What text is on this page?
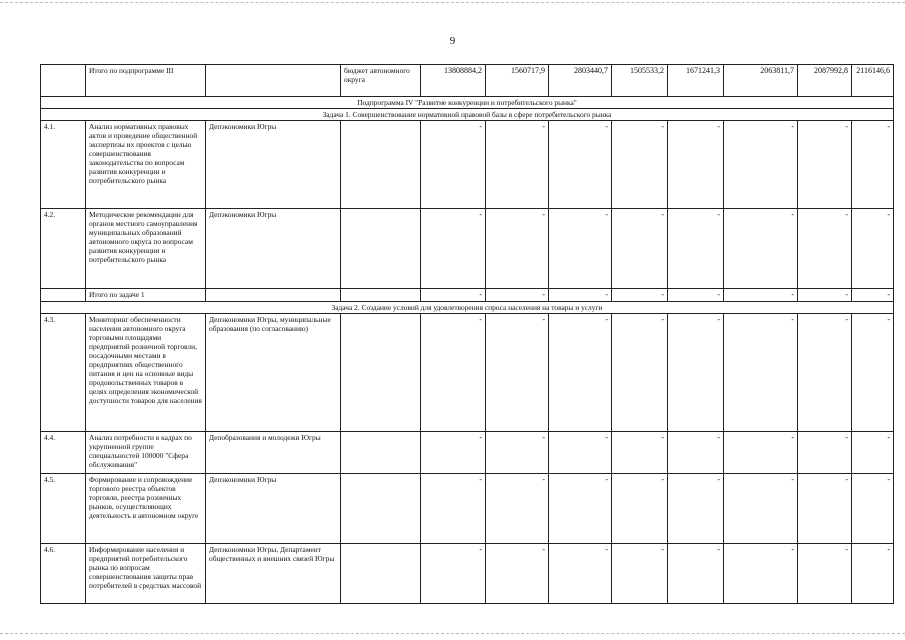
9
	Итого по подпрограмме III		бюджет автономного округа	13808884,2	1560717,9	2803440,7	1505533,2	1671241,3	2063811,7	2087992,8	2116146,6
Подпрограмма IV "Развитие конкуренции и потребительского рынка"											
Задача 1. Совершенствование нормативной правовой базы в сфере потребительского рынка											
4.1.	Анализ нормативных правовых актов и проведение общественной экспертизы их проектов с целью совершенствования законодательства по вопросам развития конкуренции и потребительского рынка	Депэкономики Югры		-	-	-	-	-	-	-	-
4.2.	Методические рекомендации для органов местного самоуправления муниципальных образований автономного округа по вопросам развития конкуренции и потребительского рынка	Депэкономики Югры		-	-	-	-	-	-	-	-
	Итого по задаче 1			-	-	-	-	-	-	-	-
Задача 2. Создание условий для удовлетворения спроса населения на товары и услуги											
4.3.	Мониторинг обеспеченности населения автономного округа торговыми площадями предприятий розничной торговли, посадочными местами в предприятиях общественного питания и цен на основные виды продовольственных товаров в целях определения экономической доступности товаров для населения	Депэкономики Югры, муниципальные образования (по согласованию)		-	-	-	-	-	-	-	-
4.4.	Анализ потребности в кадрах по укрупненной группе специальностей 100000 "Сфера обслуживания"	Депобразования и молодежи Югры		-	-	-	-	-	-	-	-
4.5.	Формирование и сопровождение торгового реестра объектов торговли, реестра розничных рынков, осуществляющих деятельность в автономном округе	Депэкономики Югры		-	-	-	-	-	-	-	-
4.6.	Информирование населения и предприятий потребительского рынка по вопросам совершенствования защиты прав потребителей в средствах массовой	Депэкономики Югры, Департамент общественных и внешних связей Югры		-	-	-	-	-	-	-	-
